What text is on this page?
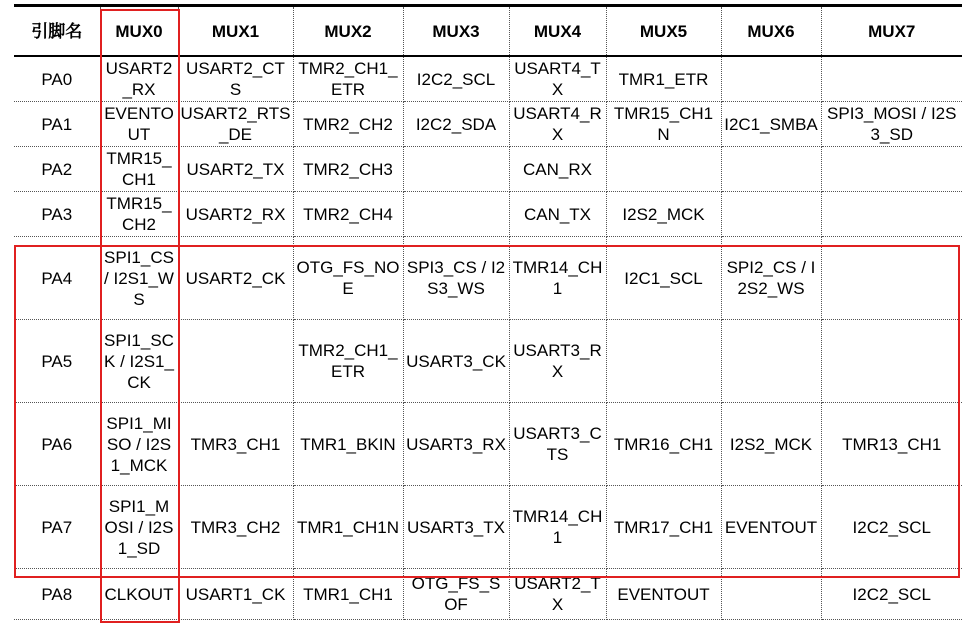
引脚名	MUX0	MUX1	MUX2	MUX3	MUX4	MUX5	MUX6	MUX7
PA0	USART2_RX	USART2_CTS	TMR2_CH1_ETR	I2C2_SCL	USART4_TX	TMR1_ETR		
PA1	EVENTOUT	USART2_RTS_DE	TMR2_CH2	I2C2_SDA	USART4_RX	TMR15_CH1N	I2C1_SMBA	SPI3_MOSI / I2S3_SD
PA2	TMR15_CH1	USART2_TX	TMR2_CH3		CAN_RX			
PA3	TMR15_CH2	USART2_RX	TMR2_CH4		CAN_TX	I2S2_MCK		
PA4	SPI1_CS / I2S1_WS	USART2_CK	OTG_FS_NOE	SPI3_CS / I2S3_WS	TMR14_CH1	I2C1_SCL	SPI2_CS / I2S2_WS	
PA5	SPI1_SCK / I2S1_CK		TMR2_CH1_ETR	USART3_CK	USART3_RX			
PA6	SPI1_MISO / I2S1_MCK	TMR3_CH1	TMR1_BKIN	USART3_RX	USART3_CTS	TMR16_CH1	I2S2_MCK	TMR13_CH1
PA7	SPI1_MOSI / I2S1_SD	TMR3_CH2	TMR1_CH1N	USART3_TX	TMR14_CH1	TMR17_CH1	EVENTOUT	I2C2_SCL
PA8	CLKOUT	USART1_CK	TMR1_CH1	OTG_FS_SOF	USART2_TX	EVENTOUT		I2C2_SCL
